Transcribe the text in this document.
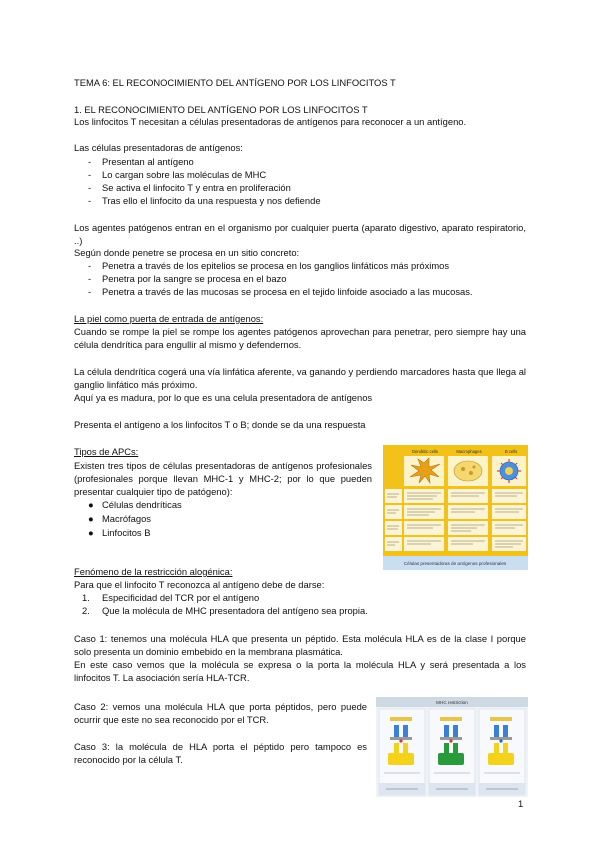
TEMA 6: EL RECONOCIMIENTO DEL ANTÍGENO POR LOS LINFOCITOS T
1. EL RECONOCIMIENTO DEL ANTÍGENO POR LOS LINFOCITOS T
Los linfocitos T necesitan a células presentadoras de antígenos para reconocer a un antígeno.
Las células presentadoras de antígenos:
- Presentan al antígeno
- Lo cargan sobre las moléculas de MHC
- Se activa el linfocito T y entra en proliferación
- Tras ello el linfocito da una respuesta y nos defiende
Los agentes patógenos entran en el organismo por cualquier puerta (aparato digestivo, aparato respiratorio, ..)
Según donde penetre se procesa en un sitio concreto:
- Penetra a través de los epitelios se procesa en los ganglios linfáticos más próximos
- Penetra por la sangre se procesa en el bazo
- Penetra a través de las mucosas se procesa en el tejido linfoide asociado a las mucosas.
La piel como puerta de entrada de antígenos:
Cuando se rompe la piel se rompe los agentes patógenos aprovechan para penetrar, pero siempre hay una célula dendrítica para engullir al mismo y defendernos.
La célula dendrítica cogerá una vía linfática aferente, va ganando y perdiendo marcadores hasta que llega al ganglio linfático más próximo.
Aquí ya es madura, por lo que es una celula presentadora de antígenos
Presenta el antígeno a los linfocitos T o B; donde se da una respuesta
Tipos de APCs:
Existen tres tipos de células presentadoras de antígenos profesionales (profesionales porque llevan MHC-1 y MHC-2; por lo que pueden presentar cualquier tipo de patógeno):
● Células dendríticas
● Macrófagos
● Linfocitos B
Fenómeno de la restricción alogénica:
Para que el linfocito T reconozca al antígeno debe de darse:
1. Especificidad del TCR por el antígeno
2. Que la molécula de MHC presentadora del antígeno sea propia.
Caso 1: tenemos una molécula HLA que presenta un péptido. Esta molécula HLA es de la clase I porque solo presenta un dominio embebido en la membrana plasmática.
En este caso vemos que la molécula se expresa o la porta la molécula HLA y será presentada a los linfocitos T. La asociación sería HLA-TCR.
Caso 2: vemos una molécula HLA que porta péptidos, pero puede ocurrir que este no sea reconocido por el TCR.
Caso 3: la molécula de HLA porta el péptido pero tampoco es reconocido por la célula T.
1
Dendritic cells	Macrophages	B cells
Células presentadoras de antígenos profesionales
MHC restriction
